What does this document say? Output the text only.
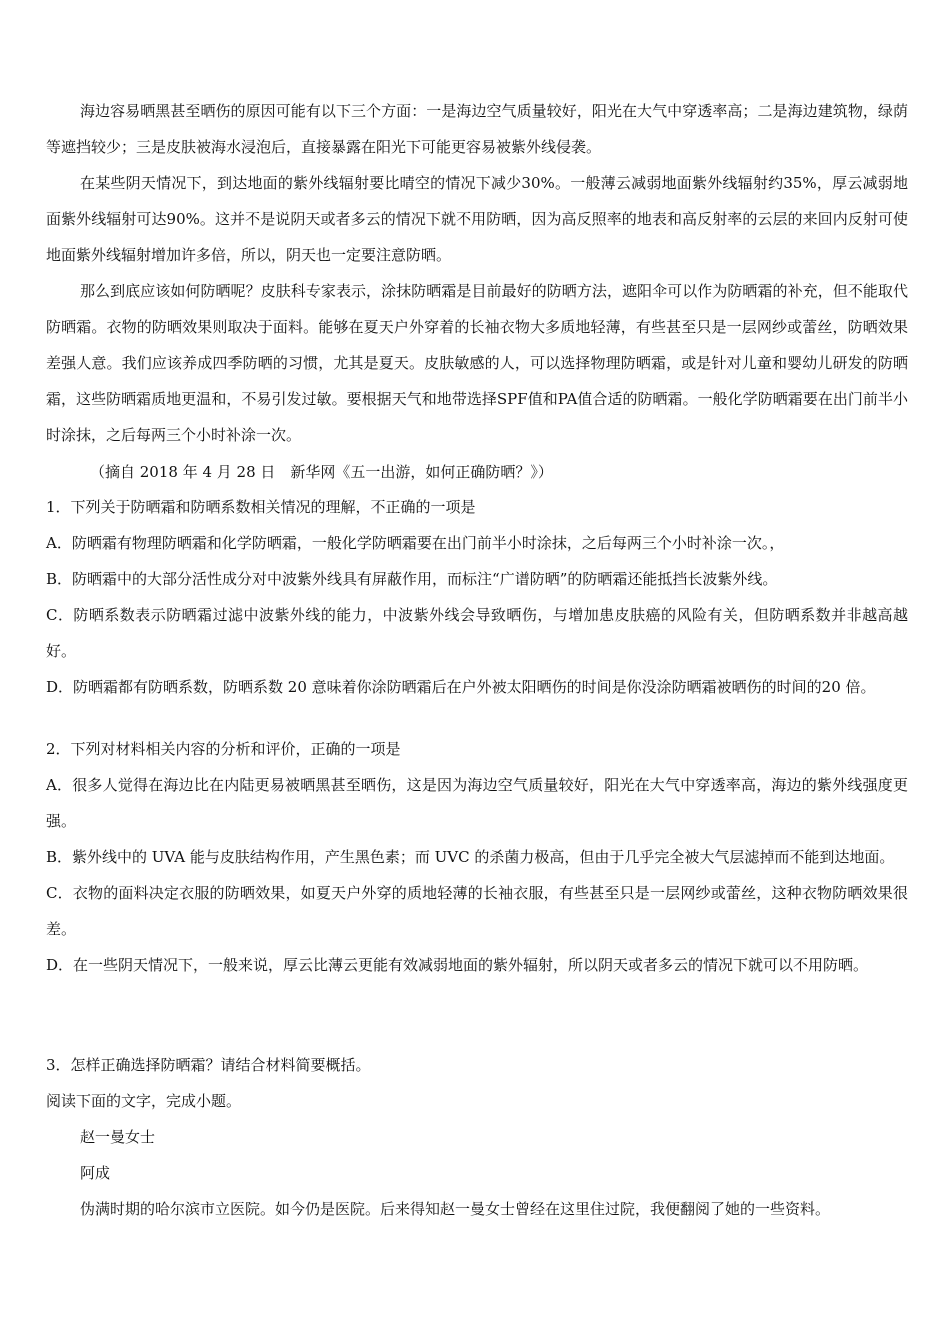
海边容易晒黑甚至晒伤的原因可能有以下三个方面：一是海边空气质量较好，阳光在大气中穿透率高；二是海边建筑物，绿荫等遮挡较少；三是皮肤被海水浸泡后，直接暴露在阳光下可能更容易被紫外线侵袭。

在某些阴天情况下，到达地面的紫外线辐射要比晴空的情况下减少30%。一般薄云减弱地面紫外线辐射约35%，厚云减弱地面紫外线辐射可达90%。这并不是说阴天或者多云的情况下就不用防晒，因为高反照率的地表和高反射率的云层的来回内反射可使地面紫外线辐射增加许多倍，所以，阴天也一定要注意防晒。

那么到底应该如何防晒呢？皮肤科专家表示，涂抹防晒霜是目前最好的防晒方法，遮阳伞可以作为防晒霜的补充，但不能取代防晒霜。衣物的防晒效果则取决于面料。能够在夏天户外穿着的长袖衣物大多质地轻薄，有些甚至只是一层网纱或蕾丝，防晒效果差强人意。我们应该养成四季防晒的习惯，尤其是夏天。皮肤敏感的人，可以选择物理防晒霜，或是针对儿童和婴幼儿研发的防晒霜，这些防晒霜质地更温和，不易引发过敏。要根据天气和地带选择SPF值和PA值合适的防晒霜。一般化学防晒霜要在出门前半小时涂抹，之后每两三个小时补涂一次。

（摘自 2018 年 4 月 28 日　新华网《五一出游，如何正确防晒？》）

1．下列关于防晒霜和防晒系数相关情况的理解，不正确的一项是

A．防晒霜有物理防晒霜和化学防晒霜，一般化学防晒霜要在出门前半小时涂抹，之后每两三个小时补涂一次。，

B．防晒霜中的大部分活性成分对中波紫外线具有屏蔽作用，而标注“广谱防晒”的防晒霜还能抵挡长波紫外线。

C．防晒系数表示防晒霜过滤中波紫外线的能力，中波紫外线会导致晒伤，与增加患皮肤癌的风险有关，但防晒系数并非越高越好。

D．防晒霜都有防晒系数，防晒系数 20 意味着你涂防晒霜后在户外被太阳晒伤的时间是你没涂防晒霜被晒伤的时间的20 倍。

2．下列对材料相关内容的分析和评价，正确的一项是

A．很多人觉得在海边比在内陆更易被晒黑甚至晒伤，这是因为海边空气质量较好，阳光在大气中穿透率高，海边的紫外线强度更强。

B．紫外线中的 UVA 能与皮肤结构作用，产生黑色素；而 UVC 的杀菌力极高，但由于几乎完全被大气层滤掉而不能到达地面。

C．衣物的面料决定衣服的防晒效果，如夏天户外穿的质地轻薄的长袖衣服，有些甚至只是一层网纱或蕾丝，这种衣物防晒效果很差。

D．在一些阴天情况下，一般来说，厚云比薄云更能有效减弱地面的紫外辐射，所以阴天或者多云的情况下就可以不用防晒。

3．怎样正确选择防晒霜？请结合材料简要概括。

阅读下面的文字，完成小题。

赵一曼女士

阿成

伪满时期的哈尔滨市立医院。如今仍是医院。后来得知赵一曼女士曾经在这里住过院，我便翻阅了她的一些资料。
